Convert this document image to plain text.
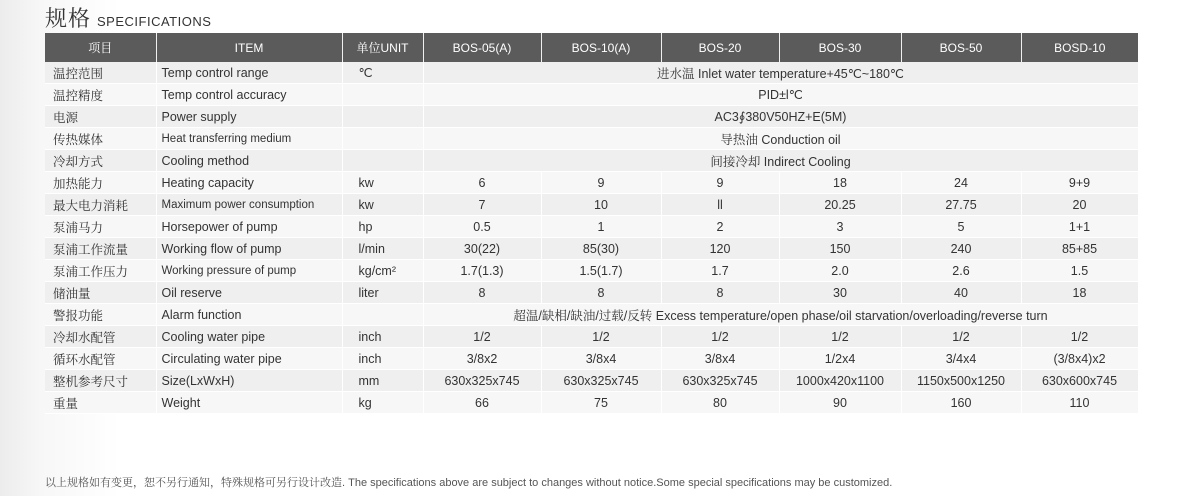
规格 SPECIFICATIONS
项目	ITEM	单位UNIT	BOS-05(A)	BOS-10(A)	BOS-20	BOS-30	BOS-50	BOSD-10
温控范围	Temp control range	℃	进水温 Inlet water temperature+45℃~180℃					
温控精度	Temp control accuracy		PID±l℃					
电源	Power supply		AC3∮380V50HZ+E(5M)					
传热媒体	Heat transferring medium		导热油 Conduction oil					
冷却方式	Cooling method		间接冷却 Indirect Cooling					
加热能力	Heating capacity	kw	6	9	9	18	24	9+9
最大电力消耗	Maximum power consumption	kw	7	10	ll	20.25	27.75	20
泵浦马力	Horsepower of pump	hp	0.5	1	2	3	5	1+1
泵浦工作流量	Working flow of pump	l/min	30(22)	85(30)	120	150	240	85+85
泵浦工作压力	Working pressure of pump	kg/cm²	1.7(1.3)	1.5(1.7)	1.7	2.0	2.6	1.5
储油量	Oil reserve	liter	8	8	8	30	40	18
警报功能	Alarm function		超温/缺相/缺油/过载/反转 Excess temperature/open phase/oil starvation/overloading/reverse turn					
冷却水配管	Cooling water pipe	inch	1/2	1/2	1/2	1/2	1/2	1/2
循环水配管	Circulating water pipe	inch	3/8x2	3/8x4	3/8x4	1/2x4	3/4x4	(3/8x4)x2
整机参考尺寸	Size(LxWxH)	mm	630x325x745	630x325x745	630x325x745	1000x420x1100	1150x500x1250	630x600x745
重量	Weight	kg	66	75	80	90	160	110
以上规格如有变更，恕不另行通知，特殊规格可另行设计改造. The specifications above are subject to changes without notice.Some special specifications may be customized.
